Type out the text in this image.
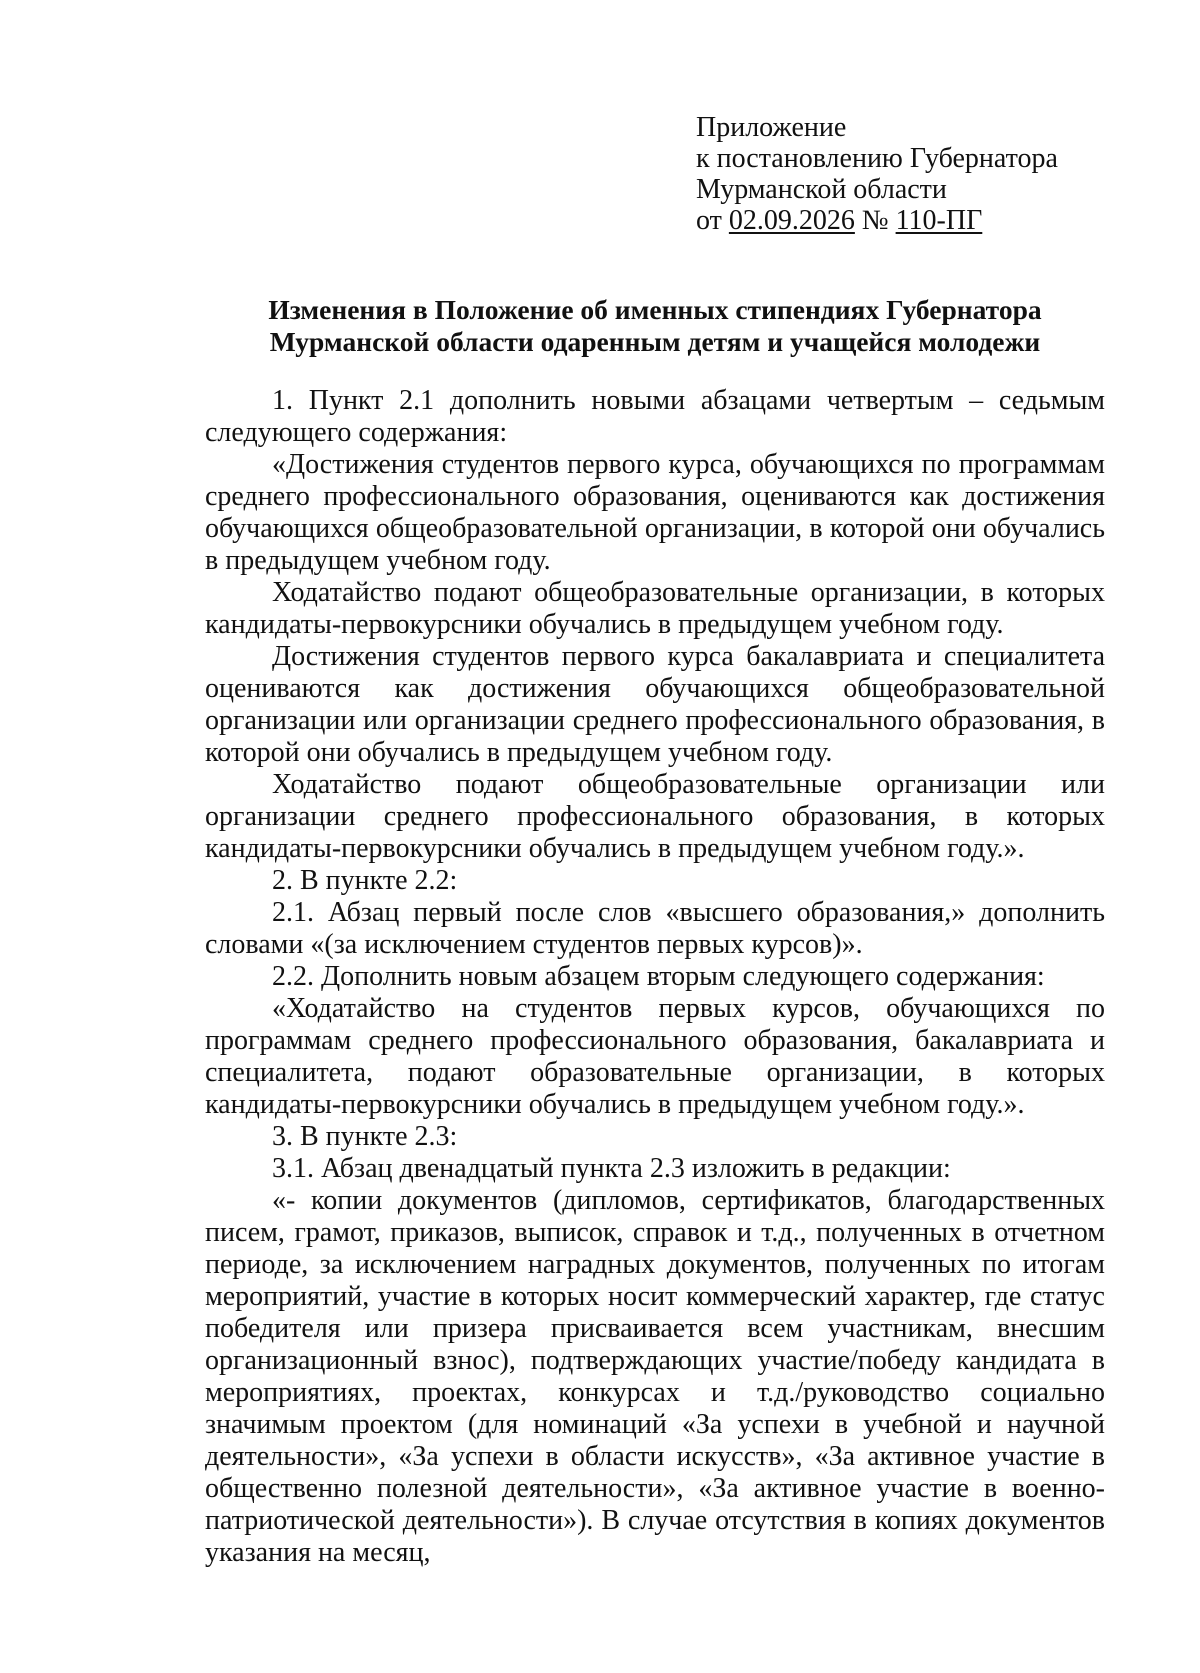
Приложение
к постановлению Губернатора
Мурманской области
от 02.09.2026 № 110-ПГ
Изменения в Положение об именных стипендиях Губернатора
Мурманской области одаренным детям и учащейся молодежи

1. Пункт 2.1 дополнить новыми абзацами четвертым – седьмым следующего содержания:

«Достижения студентов первого курса, обучающихся по программам среднего профессионального образования, оцениваются как достижения обучающихся общеобразовательной организации, в которой они обучались в предыдущем учебном году.

Ходатайство подают общеобразовательные организации, в которых кандидаты-первокурсники обучались в предыдущем учебном году.

Достижения студентов первого курса бакалавриата и специалитета оцениваются как достижения обучающихся общеобразовательной организации или организации среднего профессионального образования, в которой они обучались в предыдущем учебном году.

Ходатайство подают общеобразовательные организации или организации среднего профессионального образования, в которых кандидаты-первокурсники обучались в предыдущем учебном году.».

2. В пункте 2.2:

2.1. Абзац первый после слов «высшего образования,» дополнить словами «(за исключением студентов первых курсов)».

2.2. Дополнить новым абзацем вторым следующего содержания:

«Ходатайство на студентов первых курсов, обучающихся по программам среднего профессионального образования, бакалавриата и специалитета, подают образовательные организации, в которых кандидаты-первокурсники обучались в предыдущем учебном году.».

3. В пункте 2.3:

3.1. Абзац двенадцатый пункта 2.3 изложить в редакции:

«- копии документов (дипломов, сертификатов, благодарственных писем, грамот, приказов, выписок, справок и т.д., полученных в отчетном периоде, за исключением наградных документов, полученных по итогам мероприятий, участие в которых носит коммерческий характер, где статус победителя или призера присваивается всем участникам, внесшим организационный взнос), подтверждающих участие/победу кандидата в мероприятиях, проектах, конкурсах и т.д./руководство социально значимым проектом (для номинаций «За успехи в учебной и научной деятельности», «За успехи в области искусств», «За активное участие в общественно полезной деятельности», «За активное участие в военно-патриотической деятельности»). В случае отсутствия в копиях документов указания на месяц,
